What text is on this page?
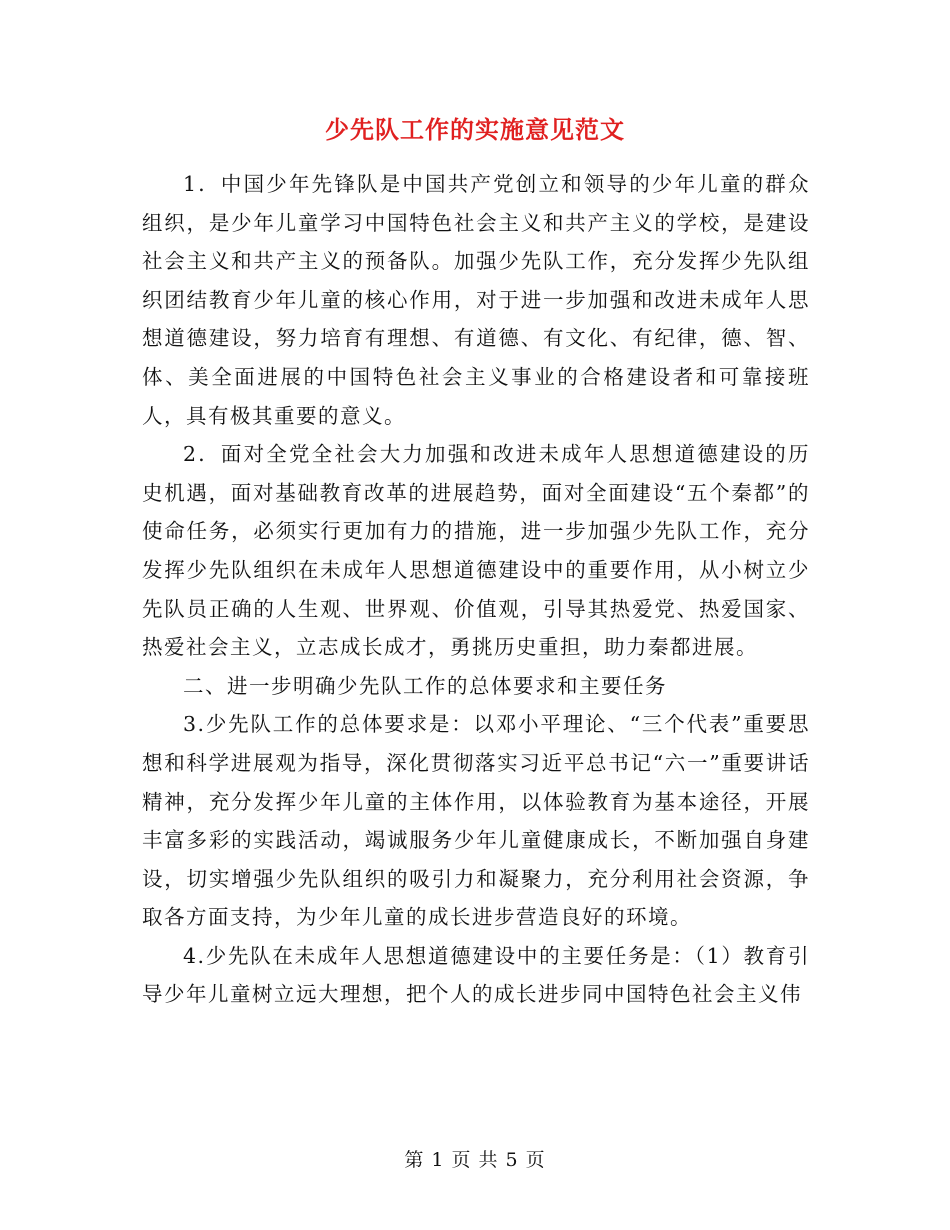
少先队工作的实施意见范文

1．中国少年先锋队是中国共产党创立和领导的少年儿童的群众组织，是少年儿童学习中国特色社会主义和共产主义的学校，是建设社会主义和共产主义的预备队。加强少先队工作，充分发挥少先队组织团结教育少年儿童的核心作用，对于进一步加强和改进未成年人思想道德建设，努力培育有理想、有道德、有文化、有纪律，德、智、体、美全面进展的中国特色社会主义事业的合格建设者和可靠接班人，具有极其重要的意义。

2．面对全党全社会大力加强和改进未成年人思想道德建设的历史机遇，面对基础教育改革的进展趋势，面对全面建设“五个秦都”的使命任务，必须实行更加有力的措施，进一步加强少先队工作，充分发挥少先队组织在未成年人思想道德建设中的重要作用，从小树立少先队员正确的人生观、世界观、价值观，引导其热爱党、热爱国家、热爱社会主义，立志成长成才，勇挑历史重担，助力秦都进展。

二、进一步明确少先队工作的总体要求和主要任务

3.少先队工作的总体要求是：以邓小平理论、“三个代表”重要思想和科学进展观为指导，深化贯彻落实习近平总书记“六一”重要讲话精神，充分发挥少年儿童的主体作用，以体验教育为基本途径，开展丰富多彩的实践活动，竭诚服务少年儿童健康成长，不断加强自身建设，切实增强少先队组织的吸引力和凝聚力，充分利用社会资源，争取各方面支持，为少年儿童的成长进步营造良好的环境。

4.少先队在未成年人思想道德建设中的主要任务是：（1）教育引导少年儿童树立远大理想，把个人的成长进步同中国特色社会主义伟

第 1 页 共 5 页
